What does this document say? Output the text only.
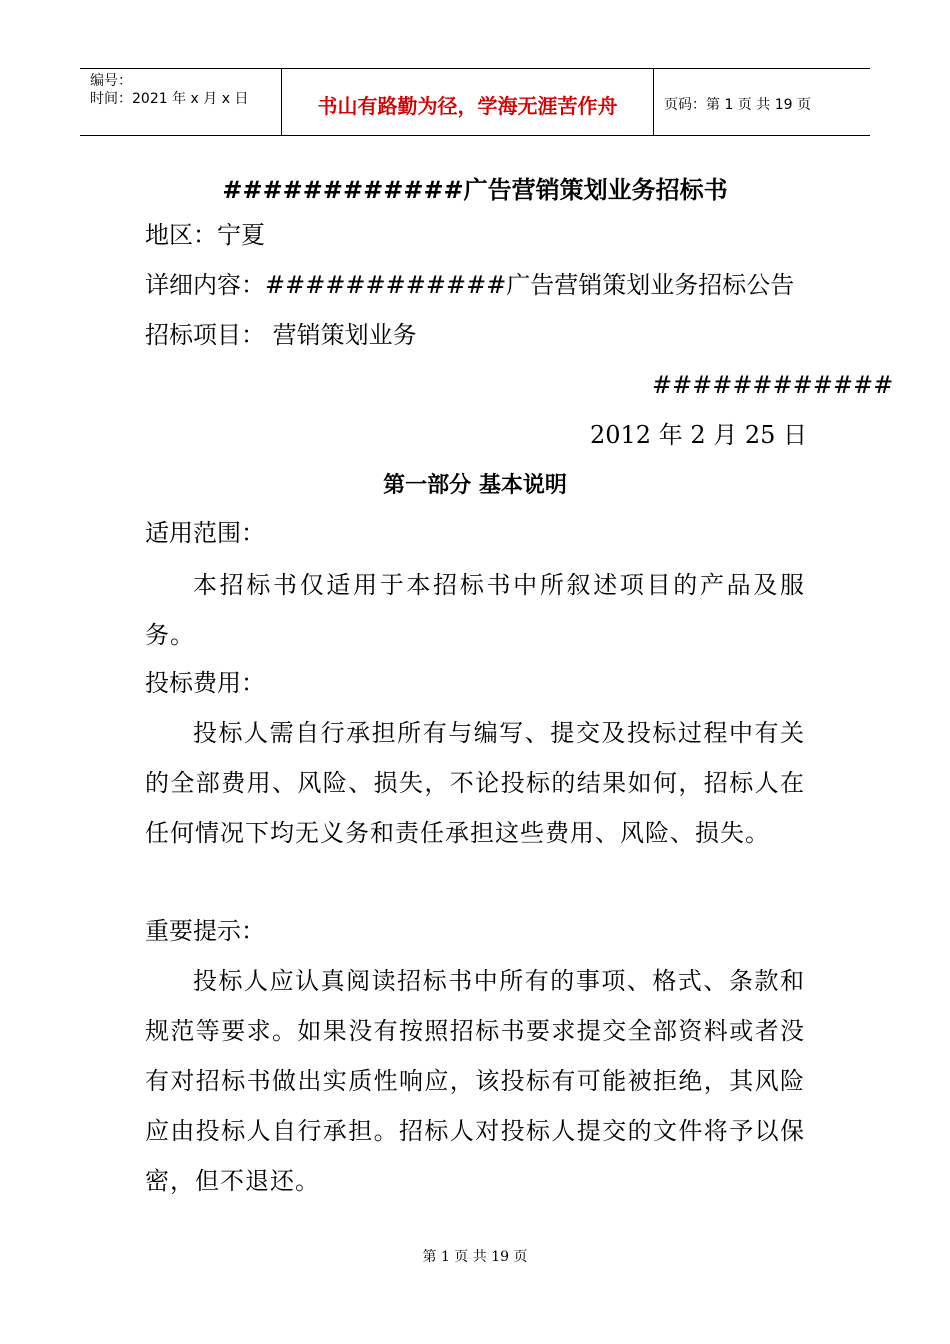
编号：
时间：2021 年 x 月 x 日	书山有路勤为径，学海无涯苦作舟	页码：第 1 页 共 19 页
############广告营销策划业务招标书
地区：宁夏
详细内容：############广告营销策划业务招标公告
招标项目： 营销策划业务
############
2012 年 2 月 25 日
第一部分 基本说明
适用范围：
本招标书仅适用于本招标书中所叙述项目的产品及服务。
投标费用：
投标人需自行承担所有与编写、提交及投标过程中有关的全部费用、风险、损失，不论投标的结果如何，招标人在任何情况下均无义务和责任承担这些费用、风险、损失。
重要提示：
投标人应认真阅读招标书中所有的事项、格式、条款和规范等要求。如果没有按照招标书要求提交全部资料或者没有对招标书做出实质性响应，该投标有可能被拒绝，其风险应由投标人自行承担。招标人对投标人提交的文件将予以保密，但不退还。
第 1 页 共 19 页
